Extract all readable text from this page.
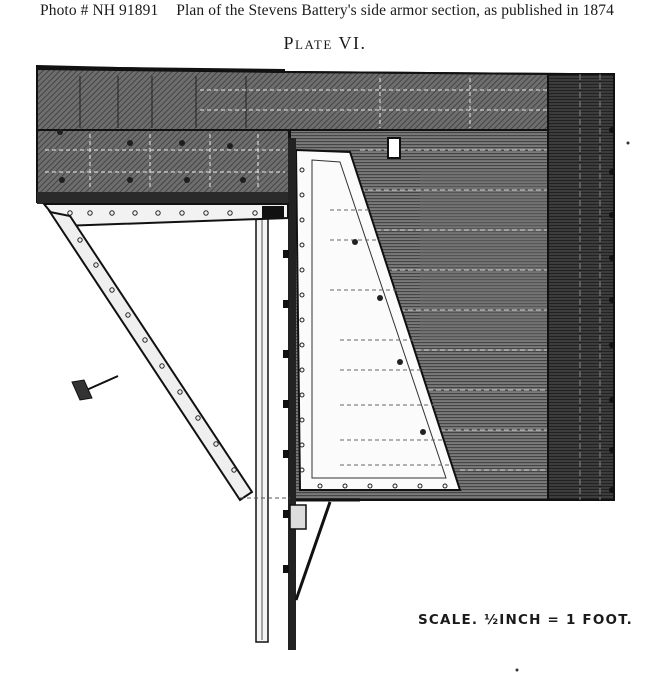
Photo # NH 91891 Plan of the Stevens Battery's side armor section, as published in 1874
PLATE VI.
SCALE. ½INCH = 1 FOOT.
